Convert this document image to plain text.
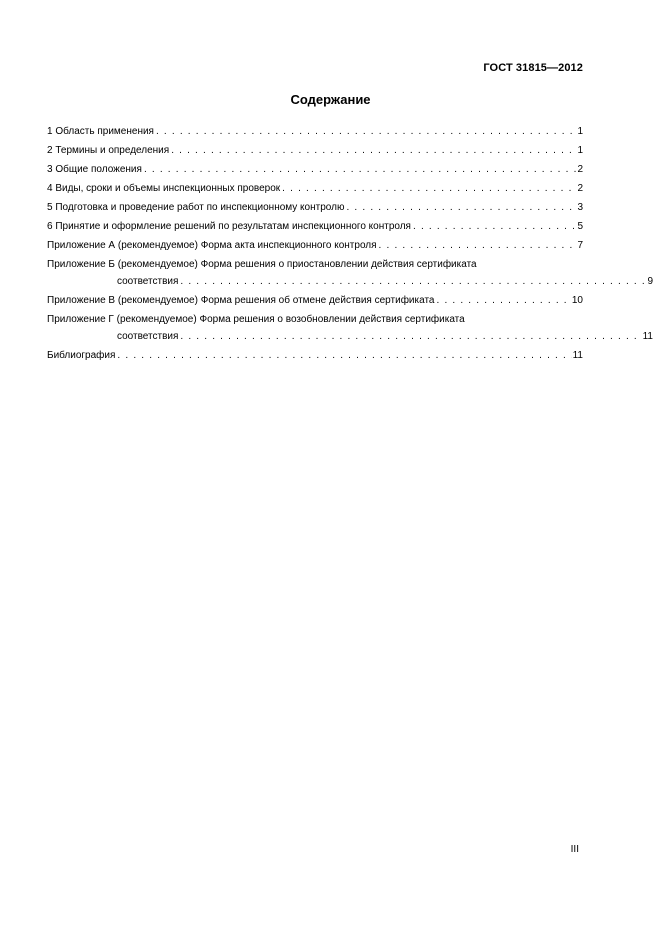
ГОСТ 31815—2012
Содержание
1 Область применения . . .	1
2 Термины и определения . . .	1
3 Общие положения . . .	2
4 Виды, сроки и объемы инспекционных проверок . . .	2
5 Подготовка и проведение работ по инспекционному контролю . . .	3
6 Принятие и оформление решений по результатам инспекционного контроля . . .	5
Приложение А (рекомендуемое) Форма акта инспекционного контроля . . .	7
Приложение Б (рекомендуемое) Форма решения о приостановлении действия сертификата
соответствия . . .	9
Приложение В (рекомендуемое) Форма решения об отмене действия сертификата . . .	10
Приложение Г (рекомендуемое) Форма решения о возобновлении действия сертификата
соответствия . . .	11
Библиография . . .	11
III
